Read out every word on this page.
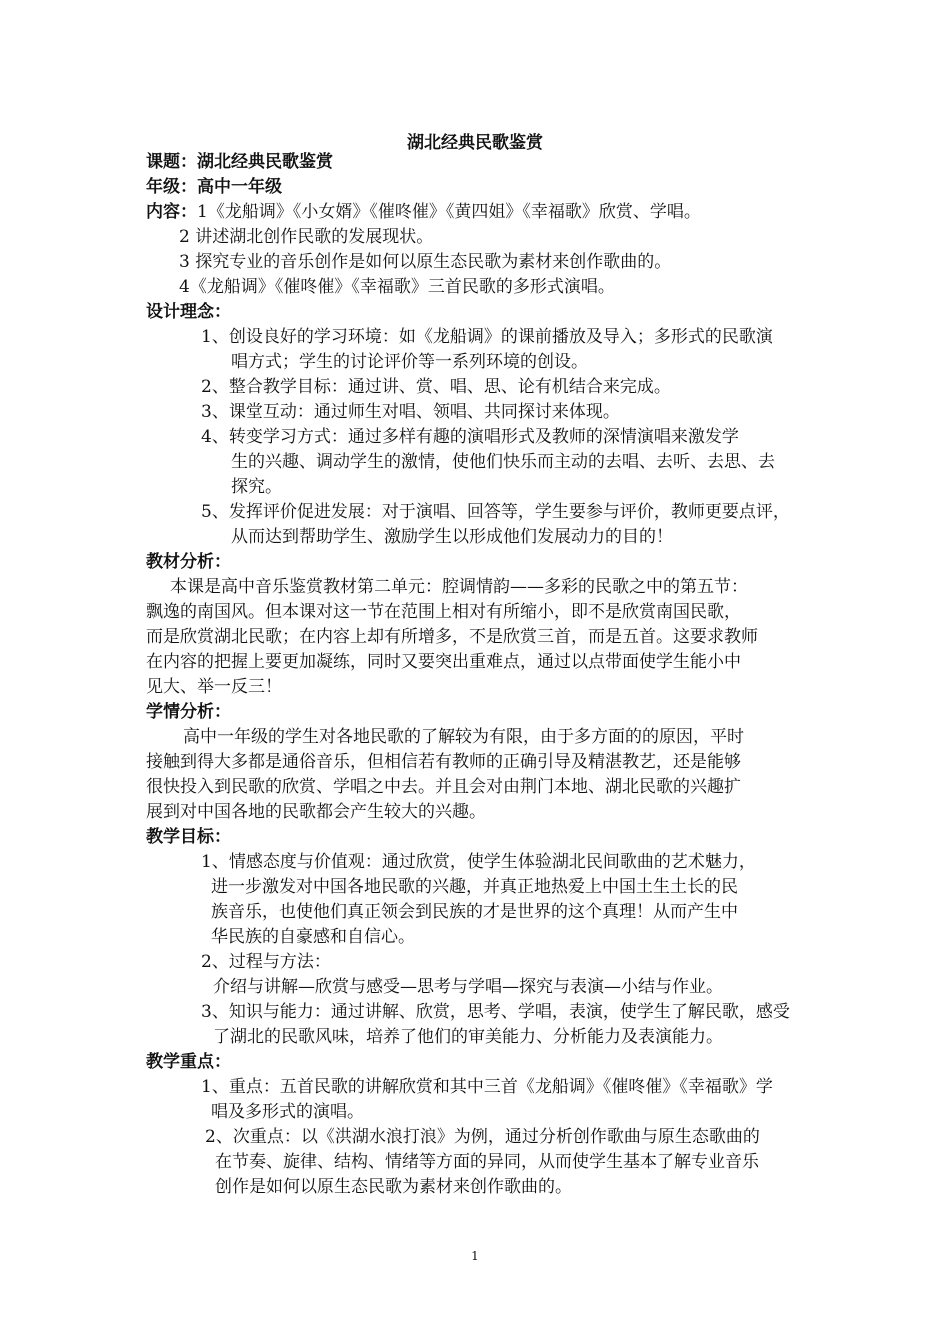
湖北经典民歌鉴赏
课题：湖北经典民歌鉴赏
年级：高中一年级
内容：1《龙船调》《小女婿》《催咚催》《黄四姐》《幸福歌》欣赏、学唱。
2 讲述湖北创作民歌的发展现状。
3 探究专业的音乐创作是如何以原生态民歌为素材来创作歌曲的。
4《龙船调》《催咚催》《幸福歌》三首民歌的多形式演唱。
设计理念：
1、创设良好的学习环境：如《龙船调》的课前播放及导入；多形式的民歌演
唱方式；学生的讨论评价等一系列环境的创设。
2、整合教学目标：通过讲、赏、唱、思、论有机结合来完成。
3、课堂互动：通过师生对唱、领唱、共同探讨来体现。
4、转变学习方式：通过多样有趣的演唱形式及教师的深情演唱来激发学
生的兴趣、调动学生的激情，使他们快乐而主动的去唱、去听、去思、去
探究。
5、发挥评价促进发展：对于演唱、回答等，学生要参与评价，教师更要点评，
从而达到帮助学生、激励学生以形成他们发展动力的目的！
教材分析：
本课是高中音乐鉴赏教材第二单元：腔调情韵——多彩的民歌之中的第五节：
飘逸的南国风。但本课对这一节在范围上相对有所缩小，即不是欣赏南国民歌，
而是欣赏湖北民歌；在内容上却有所增多，不是欣赏三首，而是五首。这要求教师
在内容的把握上要更加凝练，同时又要突出重难点，通过以点带面使学生能小中
见大、举一反三！
学情分析：
高中一年级的学生对各地民歌的了解较为有限，由于多方面的的原因，平时
接触到得大多都是通俗音乐，但相信若有教师的正确引导及精湛教艺，还是能够
很快投入到民歌的欣赏、学唱之中去。并且会对由荆门本地、湖北民歌的兴趣扩
展到对中国各地的民歌都会产生较大的兴趣。
教学目标：
1、情感态度与价值观：通过欣赏，使学生体验湖北民间歌曲的艺术魅力，
进一步激发对中国各地民歌的兴趣，并真正地热爱上中国土生土长的民
族音乐，也使他们真正领会到民族的才是世界的这个真理！从而产生中
华民族的自豪感和自信心。
2、过程与方法：
介绍与讲解—欣赏与感受—思考与学唱—探究与表演—小结与作业。
3、知识与能力：通过讲解、欣赏，思考、学唱，表演，使学生了解民歌，感受
了湖北的民歌风味，培养了他们的审美能力、分析能力及表演能力。
教学重点：
1、重点：五首民歌的讲解欣赏和其中三首《龙船调》《催咚催》《幸福歌》学
唱及多形式的演唱。
2、次重点：以《洪湖水浪打浪》为例，通过分析创作歌曲与原生态歌曲的
在节奏、旋律、结构、情绪等方面的异同，从而使学生基本了解专业音乐
创作是如何以原生态民歌为素材来创作歌曲的。
1
